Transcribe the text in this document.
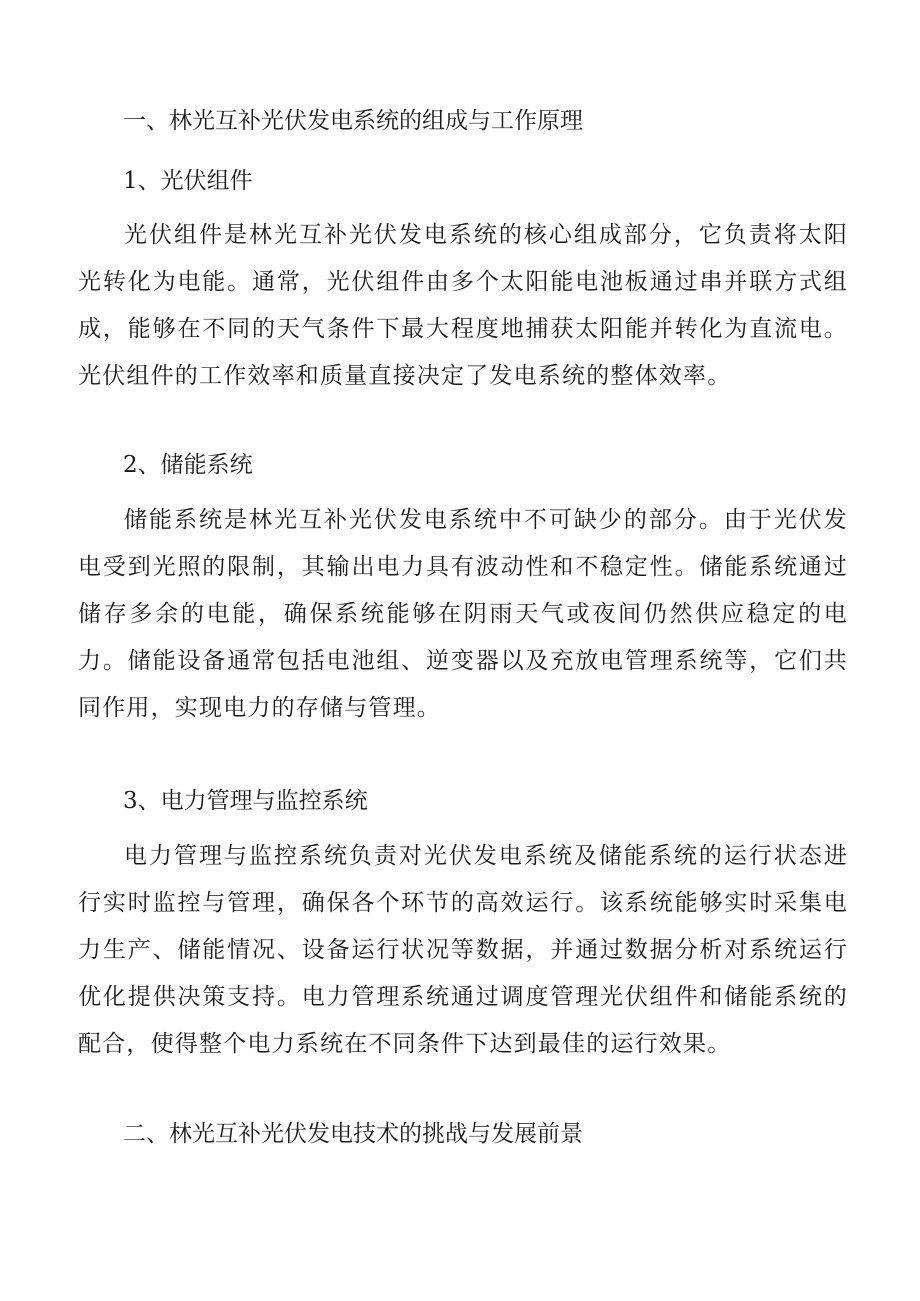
一、林光互补光伏发电系统的组成与工作原理
1、光伏组件

光伏组件是林光互补光伏发电系统的核心组成部分，它负责将太阳光转化为电能。通常，光伏组件由多个太阳能电池板通过串并联方式组成，能够在不同的天气条件下最大程度地捕获太阳能并转化为直流电。光伏组件的工作效率和质量直接决定了发电系统的整体效率。

2、储能系统

储能系统是林光互补光伏发电系统中不可缺少的部分。由于光伏发电受到光照的限制，其输出电力具有波动性和不稳定性。储能系统通过储存多余的电能，确保系统能够在阴雨天气或夜间仍然供应稳定的电力。储能设备通常包括电池组、逆变器以及充放电管理系统等，它们共同作用，实现电力的存储与管理。

3、电力管理与监控系统

电力管理与监控系统负责对光伏发电系统及储能系统的运行状态进行实时监控与管理，确保各个环节的高效运行。该系统能够实时采集电力生产、储能情况、设备运行状况等数据，并通过数据分析对系统运行优化提供决策支持。电力管理系统通过调度管理光伏组件和储能系统的配合，使得整个电力系统在不同条件下达到最佳的运行效果。

二、林光互补光伏发电技术的挑战与发展前景
